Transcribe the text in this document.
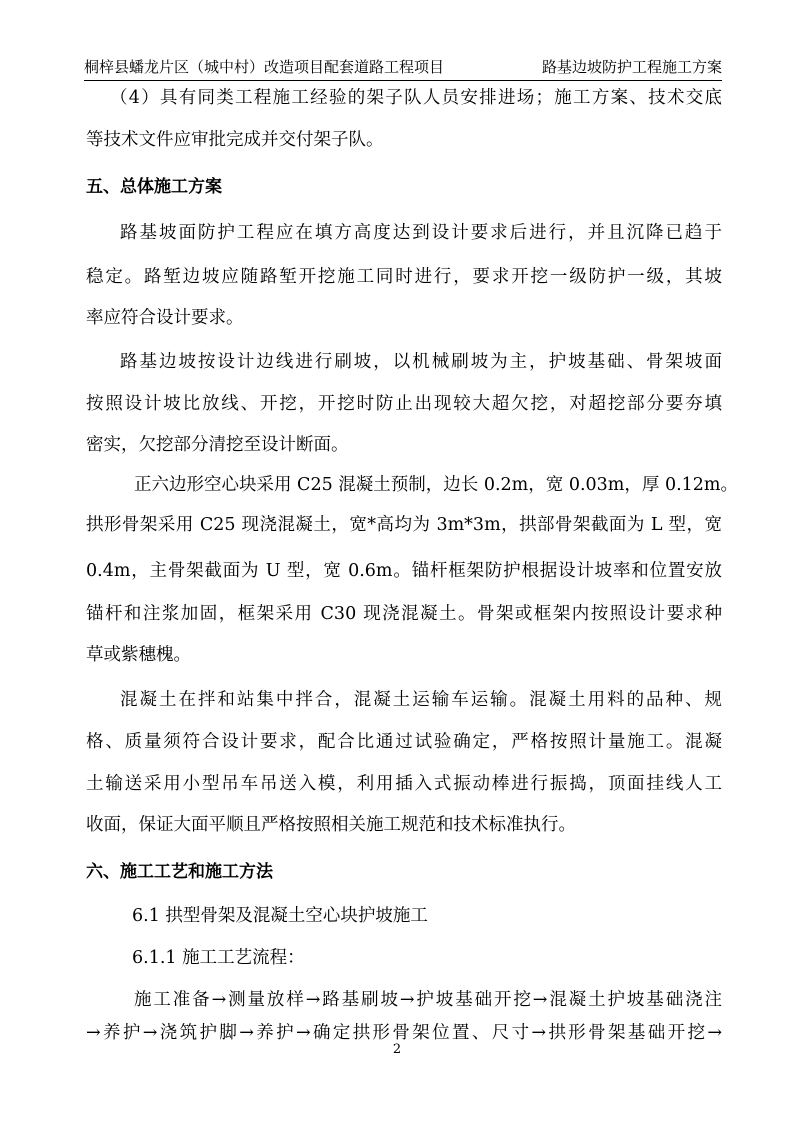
桐梓县蟠龙片区（城中村）改造项目配套道路工程项目	路基边坡防护工程施工方案
（4）具有同类工程施工经验的架子队人员安排进场；施工方案、技术交底
等技术文件应审批完成并交付架子队。
五、总体施工方案
路基坡面防护工程应在填方高度达到设计要求后进行，并且沉降已趋于
稳定。路堑边坡应随路堑开挖施工同时进行，要求开挖一级防护一级，其坡
率应符合设计要求。
路基边坡按设计边线进行刷坡，以机械刷坡为主，护坡基础、骨架坡面
按照设计坡比放线、开挖，开挖时防止出现较大超欠挖，对超挖部分要夯填
密实，欠挖部分清挖至设计断面。
正六边形空心块采用 C25 混凝土预制，边长 0.2m，宽 0.03m，厚 0.12m。
拱形骨架采用 C25 现浇混凝土，宽*高均为 3m*3m，拱部骨架截面为 L 型，宽
0.4m，主骨架截面为 U 型，宽 0.6m。锚杆框架防护根据设计坡率和位置安放
锚杆和注浆加固，框架采用 C30 现浇混凝土。骨架或框架内按照设计要求种
草或紫穗槐。
混凝土在拌和站集中拌合，混凝土运输车运输。混凝土用料的品种、规
格、质量须符合设计要求，配合比通过试验确定，严格按照计量施工。混凝
土输送采用小型吊车吊送入模，利用插入式振动棒进行振捣，顶面挂线人工
收面，保证大面平顺且严格按照相关施工规范和技术标准执行。
六、施工工艺和施工方法
6.1 拱型骨架及混凝土空心块护坡施工
6.1.1 施工工艺流程：
施工准备→测量放样→路基刷坡→护坡基础开挖→混凝土护坡基础浇注
→养护→浇筑护脚→养护→确定拱形骨架位置、尺寸→拱形骨架基础开挖→
2
